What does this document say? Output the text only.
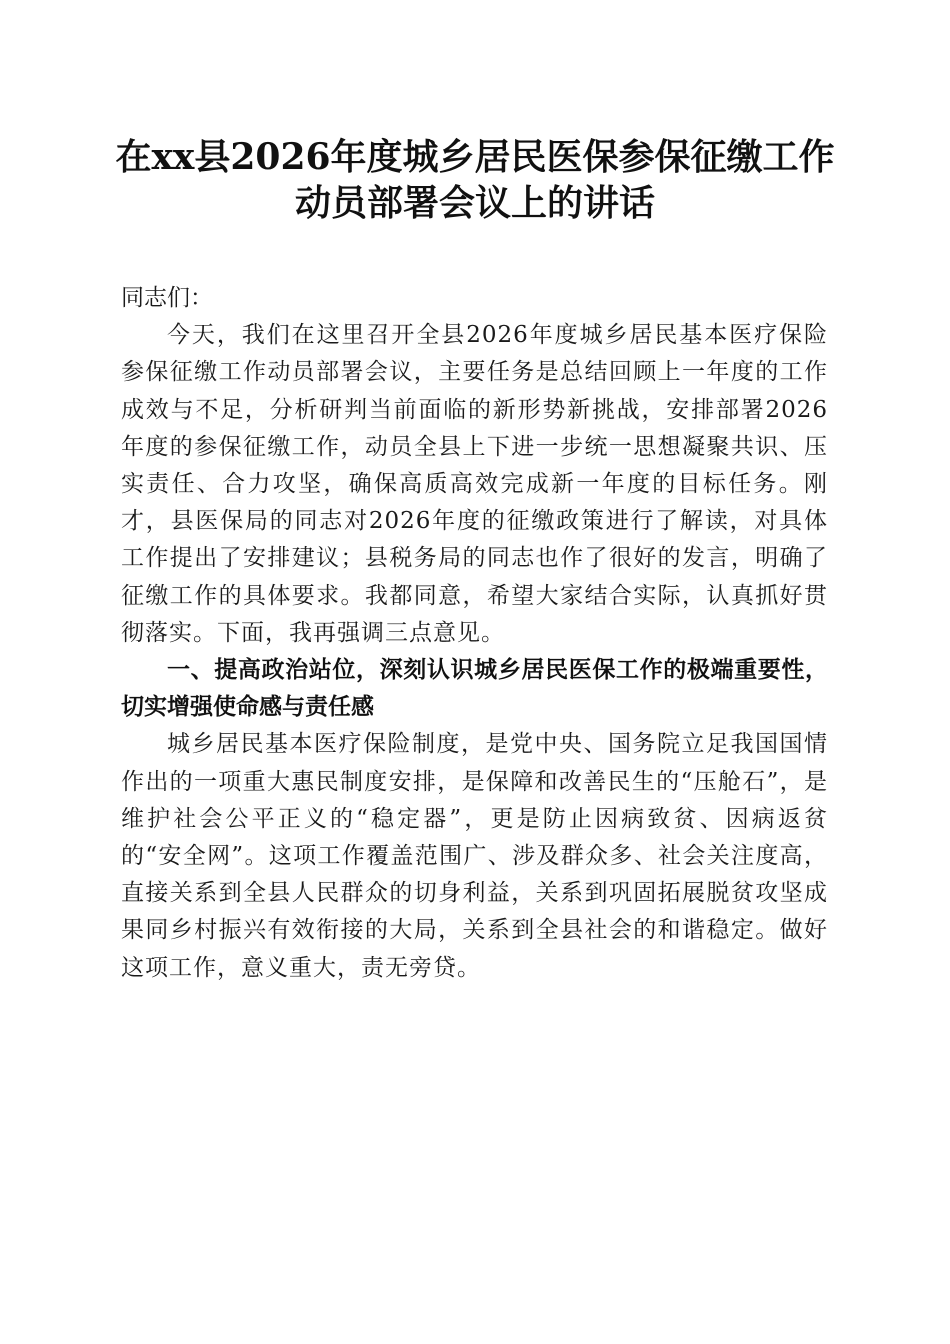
在xx县2026年度城乡居民医保参保征缴工作
动员部署会议上的讲话

同志们：

今天，我们在这里召开全县2026年度城乡居民基本医疗保险参保征缴工作动员部署会议，主要任务是总结回顾上一年度的工作成效与不足，分析研判当前面临的新形势新挑战，安排部署2026年度的参保征缴工作，动员全县上下进一步统一思想凝聚共识、压实责任、合力攻坚，确保高质高效完成新一年度的目标任务。刚才，县医保局的同志对2026年度的征缴政策进行了解读，对具体工作提出了安排建议；县税务局的同志也作了很好的发言，明确了征缴工作的具体要求。我都同意，希望大家结合实际，认真抓好贯彻落实。下面，我再强调三点意见。

一、提高政治站位，深刻认识城乡居民医保工作的极端重要性，切实增强使命感与责任感

城乡居民基本医疗保险制度，是党中央、国务院立足我国国情作出的一项重大惠民制度安排，是保障和改善民生的“压舱石”，是维护社会公平正义的“稳定器”，更是防止因病致贫、因病返贫的“安全网”。这项工作覆盖范围广、涉及群众多、社会关注度高，直接关系到全县人民群众的切身利益，关系到巩固拓展脱贫攻坚成果同乡村振兴有效衔接的大局，关系到全县社会的和谐稳定。做好这项工作，意义重大，责无旁贷。
